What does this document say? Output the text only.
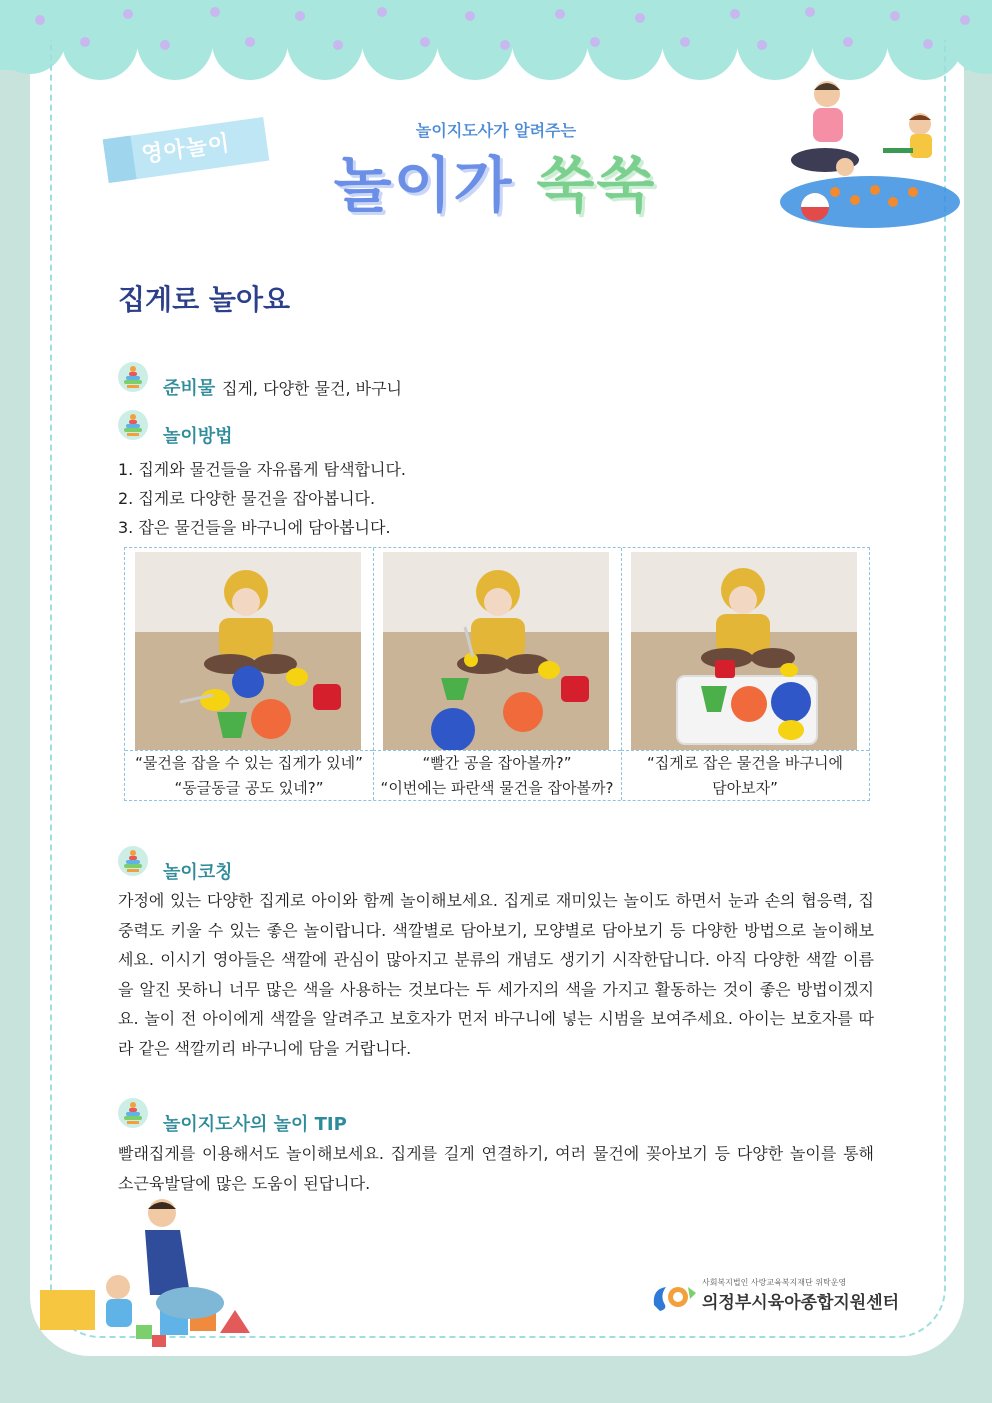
영아놀이
놀이지도사가 알려주는
놀이가 쑥쑥
집게로 놀아요
준비물 집게, 다양한 물건, 바구니
놀이방법
1. 집게와 물건들을 자유롭게 탐색합니다.
2. 집게로 다양한 물건을 잡아봅니다.
3. 잡은 물건들을 바구니에 담아봅니다.
“물건을 잡을 수 있는 집게가 있네”
“동글동글 공도 있네?”
“빨간 공을 잡아볼까?”
“이번에는 파란색 물건을 잡아볼까?
“집게로 잡은 물건을 바구니에
담아보자”
놀이코칭
가정에 있는 다양한 집게로 아이와 함께 놀이해보세요. 집게로 재미있는 놀이도 하면서 눈과 손의 협응력, 집중력도 키울 수 있는 좋은 놀이랍니다. 색깔별로 담아보기, 모양별로 담아보기 등 다양한 방법으로 놀이해보세요. 이시기 영아들은 색깔에 관심이 많아지고 분류의 개념도 생기기 시작한답니다. 아직 다양한 색깔 이름을 알진 못하니 너무 많은 색을 사용하는 것보다는 두 세가지의 색을 가지고 활동하는 것이 좋은 방법이겠지요. 놀이 전 아이에게 색깔을 알려주고 보호자가 먼저 바구니에 넣는 시범을 보여주세요. 아이는 보호자를 따라 같은 색깔끼리 바구니에 담을 거랍니다.
놀이지도사의 놀이 TIP
빨래집게를 이용해서도 놀이해보세요. 집게를 길게 연결하기, 여러 물건에 꽂아보기 등 다양한 놀이를 통해 소근육발달에 많은 도움이 된답니다.
사회복지법인 사랑교육복지재단 위탁운영
의정부시육아종합지원센터
